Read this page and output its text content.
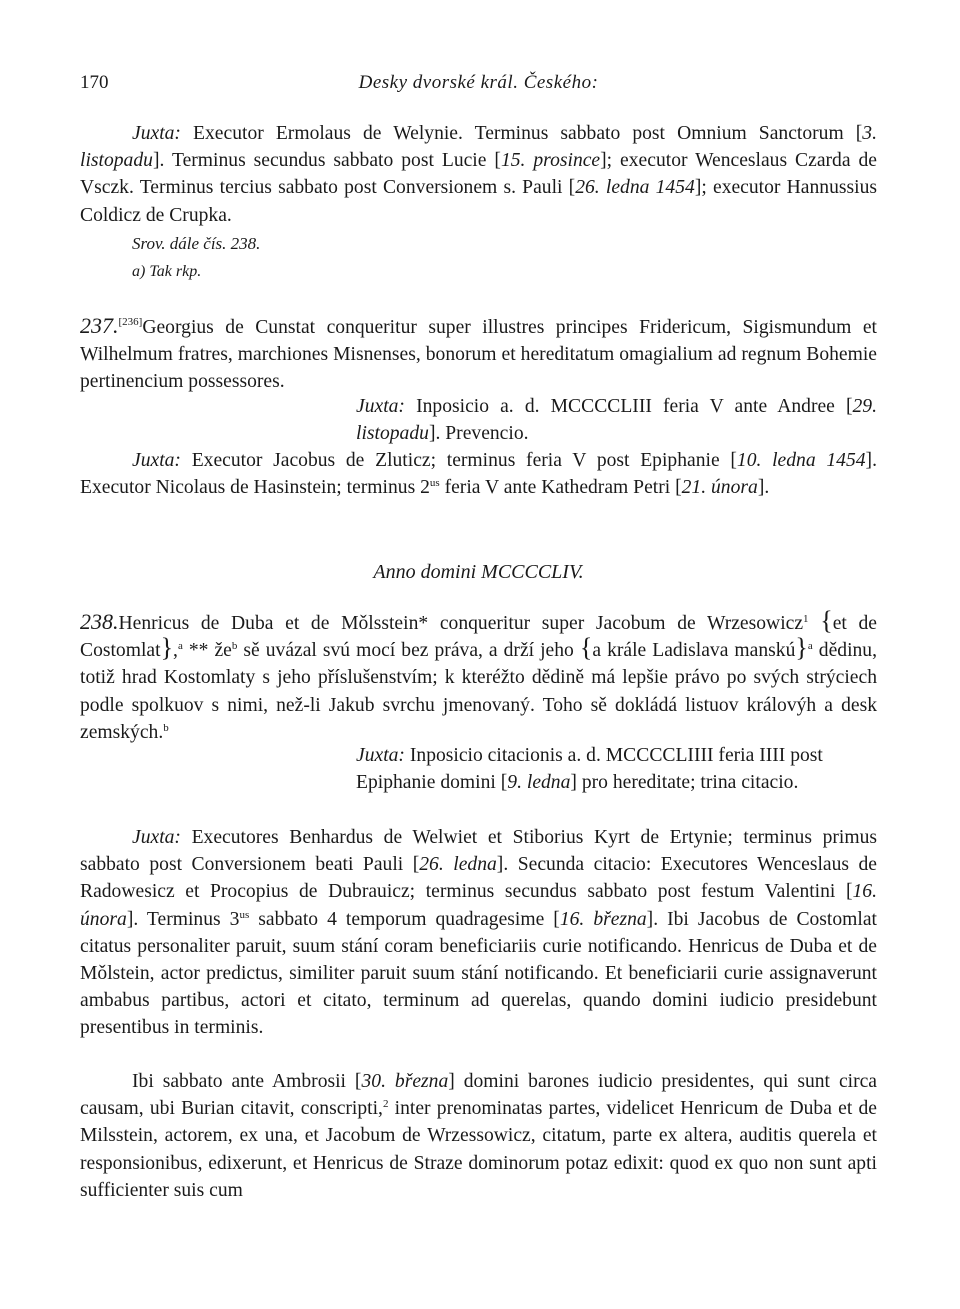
170	Desky dvorské král. Českého:
Juxta: Executor Ermolaus de Welynie. Terminus sabbato post Omnium Sanctorum [3. listopadu]. Terminus secundus sabbato post Lucie [15. prosince]; executor Wenceslaus Czarda de Vsczk. Terminus tercius sabbato post Conversionem s. Pauli [26. ledna 1454]; executor Hannussius Coldicz de Crupka.
Srov. dále čís. 238.
a) Tak rkp.
237.[236]Georgius de Cunstat conqueritur super illustres principes Fridericum, Sigismundum et Wilhelmum fratres, marchiones Misnenses, bonorum et hereditatum omagialium ad regnum Bohemie pertinencium possessores.
Juxta: Inposicio a. d. MCCCCLIII feria V ante Andree [29. listopadu]. Prevencio.
Juxta: Executor Jacobus de Zluticz; terminus feria V post Epiphanie [10. ledna 1454]. Executor Nicolaus de Hasinstein; terminus $2^{us}$ feria V ante Kathedram Petri [21. února].
Anno domini MCCCCLIV.
238.Henricus de Duba et de Mǒlsstein* conqueritur super Jacobum de Wrzesowicz$^1$ {et de Costomlat},$^a$ ** $že^b$ sě uvázal svú mocí bez práva, a drží jeho {a krále Ladislava manskú}$^a$ dědinu, totiž hrad Kostomlaty s jeho příslušenstvím; k kteréžto dědině má lepšie právo po svých strýciech podle spolkuov s nimi, než-li Jakub svrchu jmenovaný. Toho sě dokládá listuov královýh a desk zemských.$^b$
Juxta: Inposicio citacionis a. d. MCCCCLIIII feria IIII post Epiphanie domini [9. ledna] pro hereditate; trina citacio.
Juxta: Executores Benhardus de Welwiet et Stiborius Kyrt de Ertynie; terminus primus sabbato post Conversionem beati Pauli [26. ledna]. Secunda citacio: Executores Wenceslaus de Radowesicz et Procopius de Dubrauicz; terminus secundus sabbato post festum Valentini [16. února]. Terminus $3^{us}$ sabbato 4 temporum quadragesime [16. března]. Ibi Jacobus de Costomlat citatus personaliter paruit, suum stání coram beneficiariis curie notificando. Henricus de Duba et de Mǒlstein, actor predictus, similiter paruit suum stání notificando. Et beneficiarii curie assignaverunt ambabus partibus, actori et citato, terminum ad querelas, quando domini iudicio presidebunt presentibus in terminis.
Ibi sabbato ante Ambrosii [30. března] domini barones iudicio presidentes, qui sunt circa causam, ubi Burian citavit, conscripti,$^2$ inter prenominatas partes, videlicet Henricum de Duba et de Milsstein, actorem, ex una, et Jacobum de Wrzessowicz, citatum, parte ex altera, auditis querela et responsionibus, edixerunt, et Henricus de Straze dominorum potaz edixit: quod ex quo non sunt apti sufficienter suis cum
